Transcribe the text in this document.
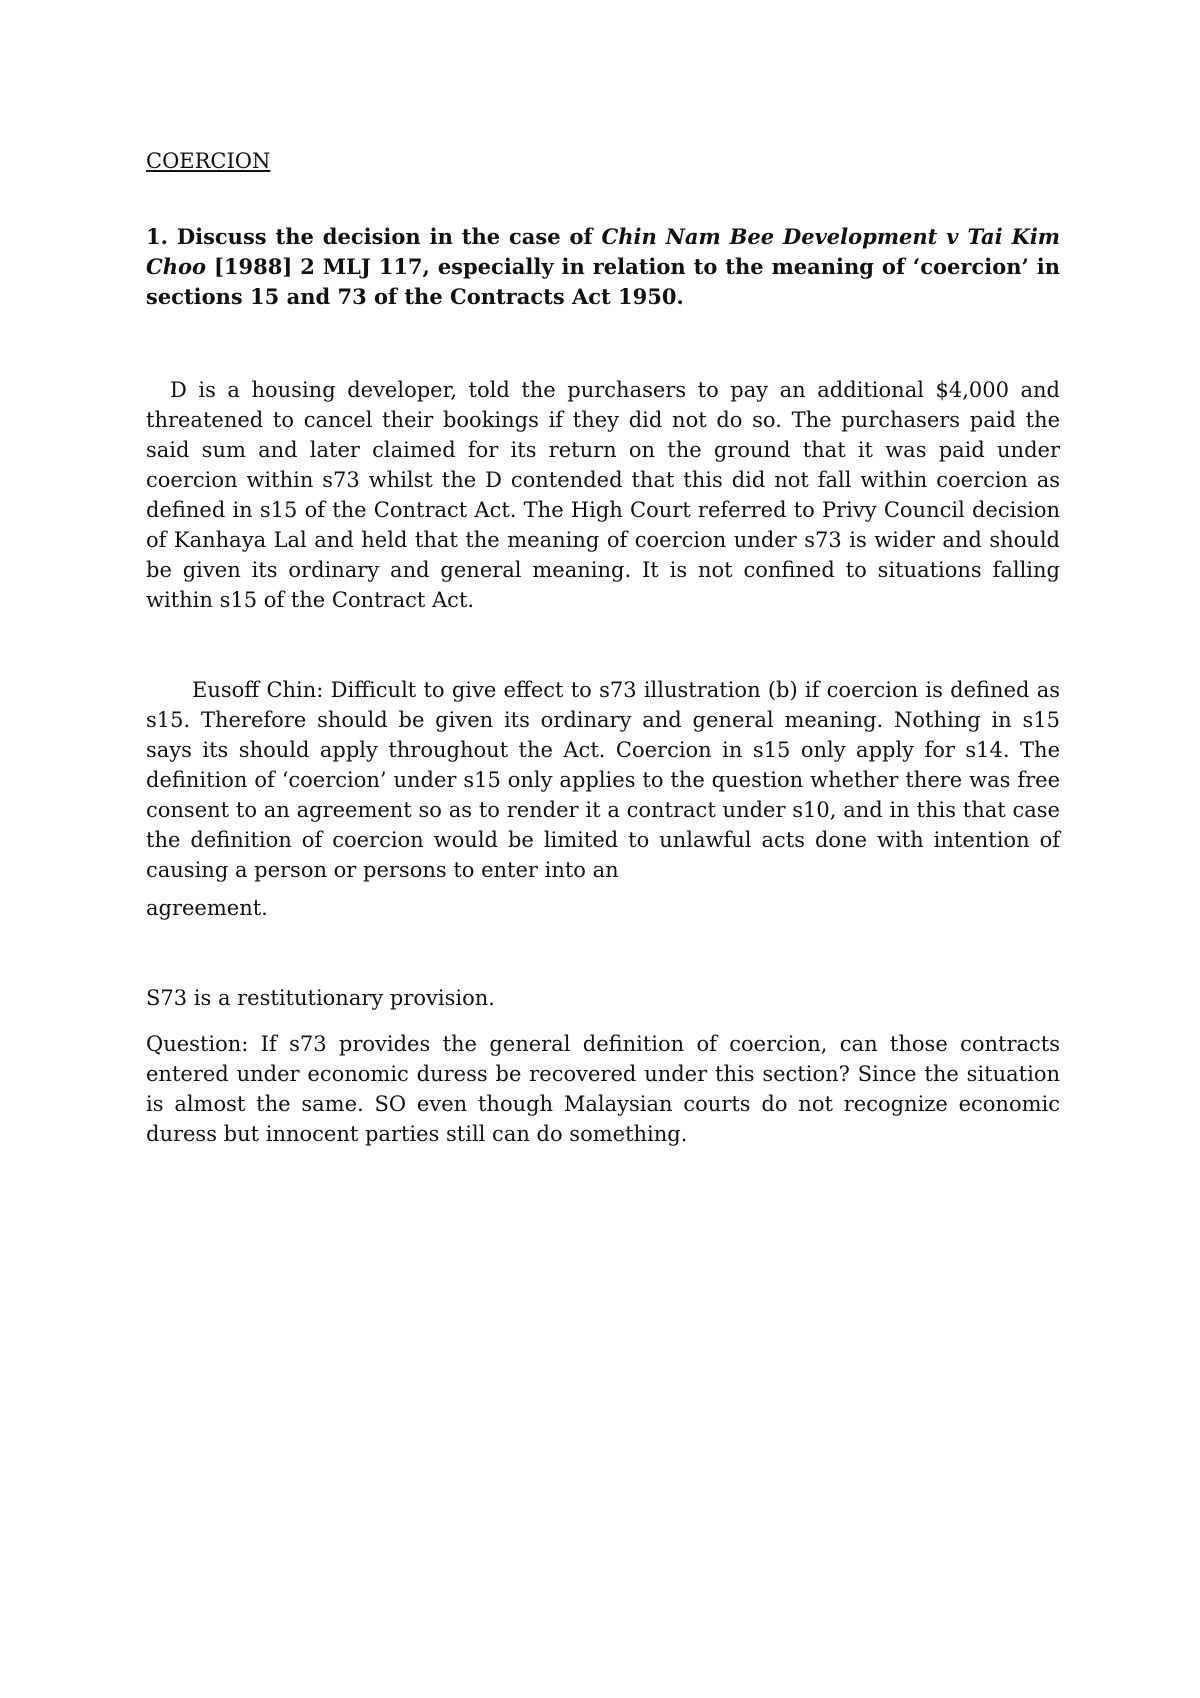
COERCION

1. Discuss the decision in the case of Chin Nam Bee Development v Tai Kim Choo [1988] 2 MLJ 117, especially in relation to the meaning of ‘coercion’ in sections 15 and 73 of the Contracts Act 1950.

D is a housing developer, told the purchasers to pay an additional $4,000 and threatened to cancel their bookings if they did not do so. The purchasers paid the said sum and later claimed for its return on the ground that it was paid under coercion within s73 whilst the D contended that this did not fall within coercion as defined in s15 of the Contract Act. The High Court referred to Privy Council decision of Kanhaya Lal and held that the meaning of coercion under s73 is wider and should be given its ordinary and general meaning. It is not confined to situations falling within s15 of the Contract Act.

Eusoff Chin: Difficult to give effect to s73 illustration (b) if coercion is defined as s15. Therefore should be given its ordinary and general meaning. Nothing in s15 says its should apply throughout the Act. Coercion in s15 only apply for s14. The definition of ‘coercion’ under s15 only applies to the question whether there was free consent to an agreement so as to render it a contract under s10, and in this that case the definition of coercion would be limited to unlawful acts done with intention of causing a person or persons to enter into an

agreement.

S73 is a restitutionary provision.

Question: If s73 provides the general definition of coercion, can those contracts entered under economic duress be recovered under this section? Since the situation is almost the same. SO even though Malaysian courts do not recognize economic duress but innocent parties still can do something.
